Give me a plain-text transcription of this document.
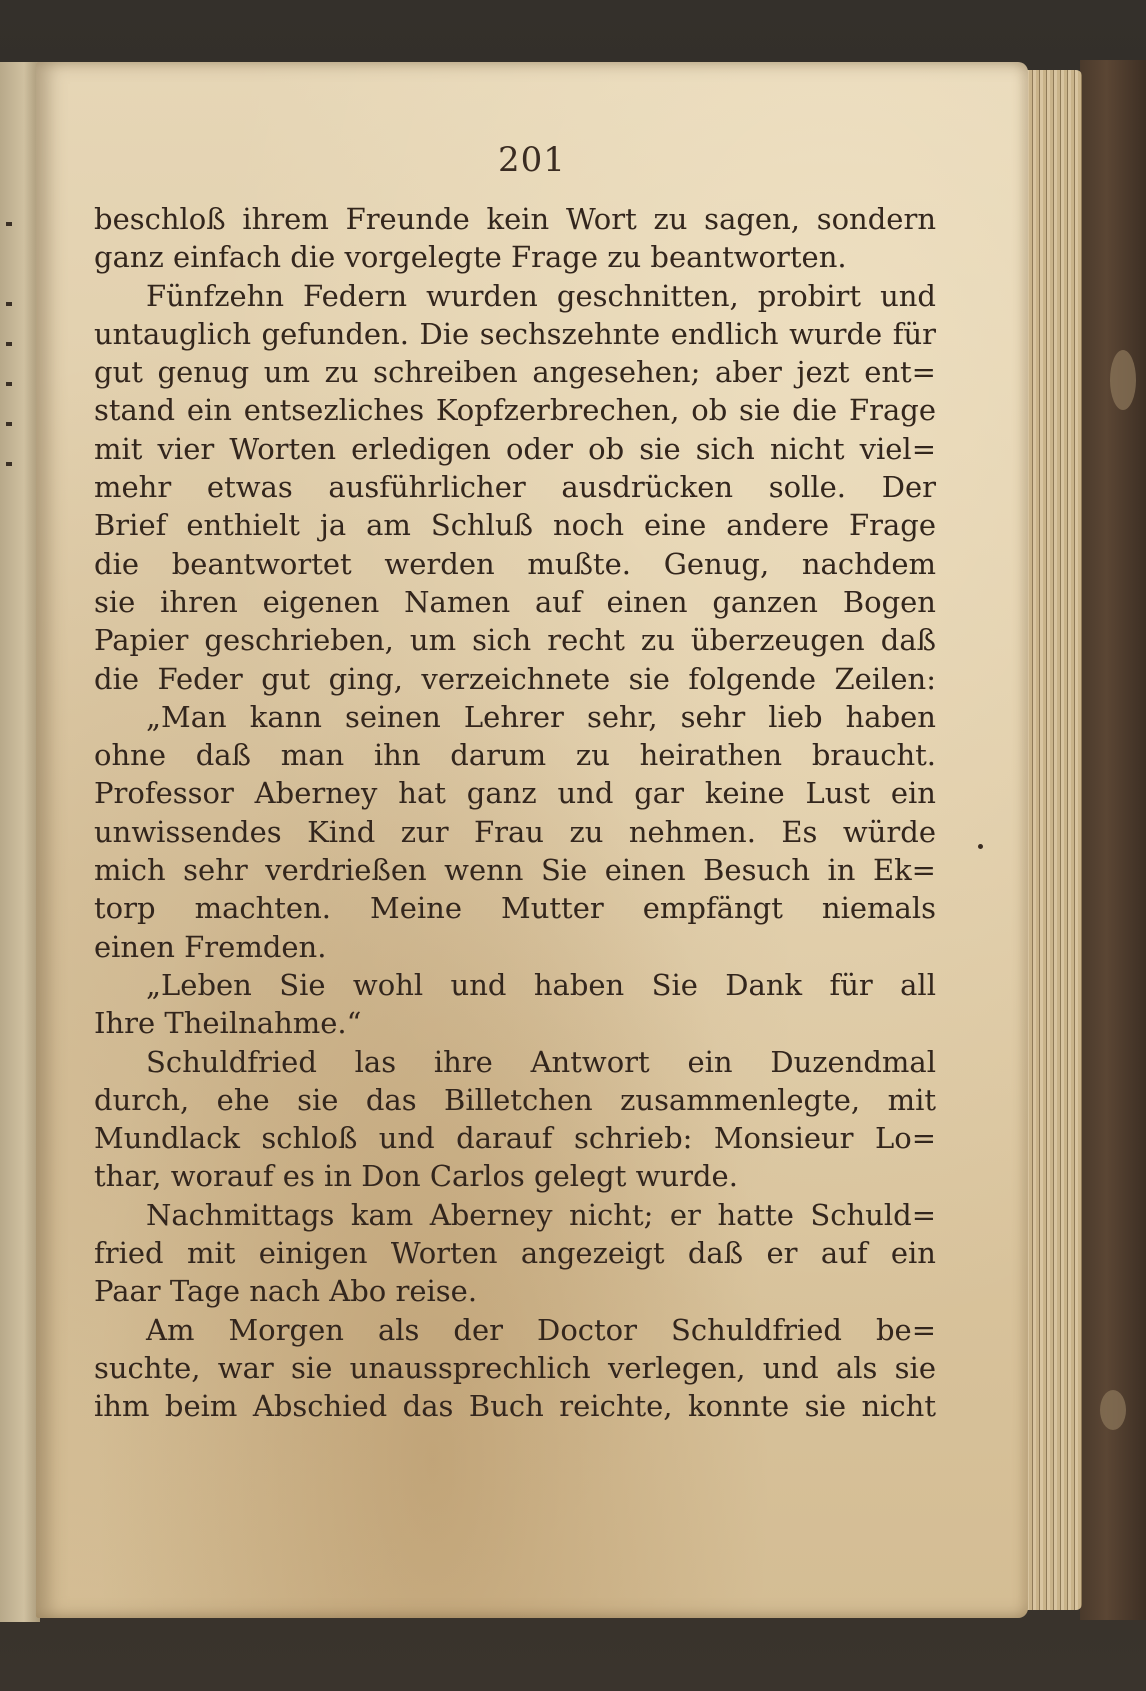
201
beschloß ihrem Freunde kein Wort zu sagen, sondern
ganz einfach die vorgelegte Frage zu beantworten.
Fünfzehn Federn wurden geschnitten, probirt und
untauglich gefunden. Die sechszehnte endlich wurde für
gut genug um zu schreiben angesehen; aber jezt ent=
stand ein entsezliches Kopfzerbrechen, ob sie die Frage
mit vier Worten erledigen oder ob sie sich nicht viel=
mehr etwas ausführlicher ausdrücken solle. Der
Brief enthielt ja am Schluß noch eine andere Frage
die beantwortet werden mußte. Genug, nachdem
sie ihren eigenen Namen auf einen ganzen Bogen
Papier geschrieben, um sich recht zu überzeugen daß
die Feder gut ging, verzeichnete sie folgende Zeilen:
„Man kann seinen Lehrer sehr, sehr lieb haben
ohne daß man ihn darum zu heirathen braucht.
Professor Aberney hat ganz und gar keine Lust ein
unwissendes Kind zur Frau zu nehmen. Es würde
mich sehr verdrießen wenn Sie einen Besuch in Ek=
torp machten. Meine Mutter empfängt niemals
einen Fremden.
„Leben Sie wohl und haben Sie Dank für all
Ihre Theilnahme.“
Schuldfried las ihre Antwort ein Duzendmal
durch, ehe sie das Billetchen zusammenlegte, mit
Mundlack schloß und darauf schrieb: Monsieur Lo=
thar, worauf es in Don Carlos gelegt wurde.
Nachmittags kam Aberney nicht; er hatte Schuld=
fried mit einigen Worten angezeigt daß er auf ein
Paar Tage nach Abo reise.
Am Morgen als der Doctor Schuldfried be=
suchte, war sie unaussprechlich verlegen, und als sie
ihm beim Abschied das Buch reichte, konnte sie nicht
